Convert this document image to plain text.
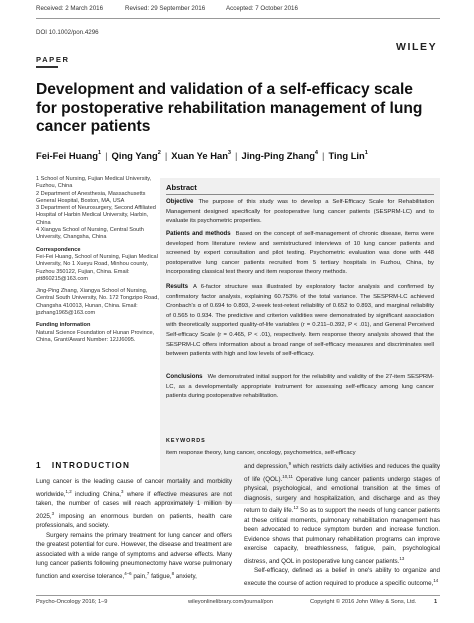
Received: 2 March 2016	Revised: 29 September 2016	Accepted: 7 October 2016
DOI 10.1002/pon.4296
WILEY
PAPER
Development and validation of a self-efficacy scale for postoperative rehabilitation management of lung cancer patients
Fei-Fei Huang$^1$ | Qing Yang$^2$ | Xuan Ye Han$^3$ | Jing-Ping Zhang$^4$ | Ting Lin$^1$

1 School of Nursing, Fujian Medical University, Fuzhou, China

2 Department of Anesthesia, Massachusetts General Hospital, Boston, MA, USA

3 Department of Neurosurgery, Second Affiliated Hospital of Harbin Medical University, Harbin, China

4 Xiangya School of Nursing, Central South University, Changsha, China

Correspondence

Fei-Fei Huang, School of Nursing, Fujian Medical University, No 1 Xueyu Road, Minhou county, Fuzhou 350122, Fujian, China. Email: ptt860215@163.com

Jing-Ping Zhang, Xiangya School of Nursing, Central South University, No. 172 Tongzipo Road, Changsha 410013, Hunan, China. Email: jpzhang1965@163.com

Funding information

Natural Science Foundation of Hunan Province, China, Grant/Award Number: 12JJ6095.

Abstract
Objective The purpose of this study was to develop a Self-Efficacy Scale for Rehabilitation Management designed specifically for postoperative lung cancer patients (SESPRM-LC) and to evaluate its psychometric properties.
Patients and methods Based on the concept of self-management of chronic disease, items were developed from literature review and semistructured interviews of 10 lung cancer patients and screened by expert consultation and pilot testing. Psychometric evaluation was done with 448 postoperative lung cancer patients recruited from 5 tertiary hospitals in Fuzhou, China, by incorporating classical test theory and item response theory methods.
Results A 6-factor structure was illustrated by exploratory factor analysis and confirmed by confirmatory factor analysis, explaining 60.753% of the total variance. The SESPRM-LC achieved Cronbach's α of 0.694 to 0.893, 2-week test-retest reliability of 0.652 to 0.893, and marginal reliability of 0.565 to 0.934. The predictive and criterion validities were demonstrated by significant association with theoretically supported quality-of-life variables (r = 0.211–0.392, P < .01), and General Perceived Self-efficacy Scale (r = 0.465, P < .01), respectively. Item response theory analysis showed that the SESPRM-LC offers information about a broad range of self-efficacy measures and discriminates well between patients with high and low levels of self-efficacy.
Conclusions We demonstrated initial support for the reliability and validity of the 27-item SESPRM-LC, as a developmentally appropriate instrument for assessing self-efficacy among lung cancer patients during postoperative rehabilitation.
KEYWORDS
item response theory, lung cancer, oncology, psychometrics, self-efficacy
1 INTRODUCTION

Lung cancer is the leading cause of cancer mortality and morbidity worldwide,$^{1,2}$ including China,$^3$ where if effective measures are not taken, the number of cases will reach approximately 1 million by 2025,$^3$ imposing an enormous burden on patients, health care professionals, and society.

Surgery remains the primary treatment for lung cancer and offers the greatest potential for cure. However, the disease and treatment are associated with a wide range of symptoms and adverse effects. Many lung cancer patients following pneumonectomy have worse pulmonary function and exercise tolerance,$^{4-6}$ pain,$^7$ fatigue,$^8$ anxiety,

and depression,$^9$ which restricts daily activities and reduces the quality of life (QOL).$^{10,11}$ Operative lung cancer patients undergo stages of physical, psychological, and emotional transition at the times of diagnosis, surgery and hospitalization, and discharge and as they return to daily life.$^{12}$ So as to support the needs of lung cancer patients at these critical moments, pulmonary rehabilitation management has been advocated to reduce symptom burden and increase function. Evidence shows that pulmonary rehabilitation programs can improve exercise capacity, breathlessness, fatigue, pain, psychological distress, and QOL in postoperative lung cancer patients.$^{13}$

Self-efficacy, defined as a belief in one's ability to organize and execute the course of action required to produce a specific outcome,$^{14}$

Psycho-Oncology 2016; 1–9	wileyonlinelibrary.com/journal/pon	Copyright © 2016 John Wiley & Sons, Ltd.	1
